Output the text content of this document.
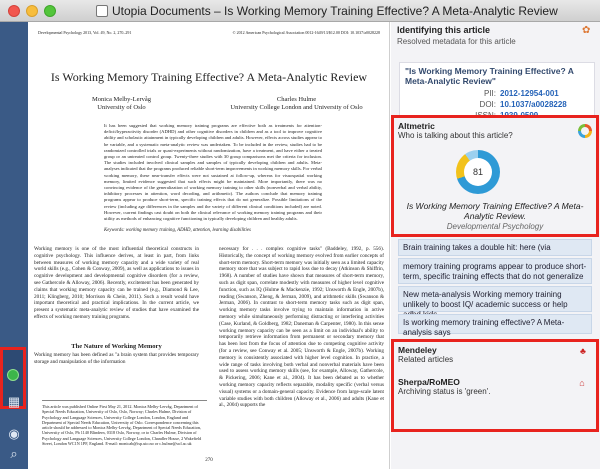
Utopia Documents – Is Working Memory Training Effective? A Meta-Analytic Review
▦
◉
⌕
Developmental Psychology 2013, Vol. 49, No. 2, 270–291	© 2012 American Psychological Association 0012-1649/13/$12.00 DOI: 10.1037/a0028228
Is Working Memory Training Effective? A Meta-Analytic Review
Monica Melby-Lervåg
University of Oslo
Charles Hulme
University College London and University of Oslo
It has been suggested that working memory training programs are effective both as treatments for attention-deficit/hyperactivity disorder (ADHD) and other cognitive disorders in children and as a tool to improve cognitive ability and scholastic attainment in typically developing children and adults. However, effects across studies appear to be variable, and a systematic meta-analytic review was undertaken. To be included in the review, studies had to be randomized controlled trials or quasi-experiments without randomization, have a treatment, and have either a treated group or an untreated control group. Twenty-three studies with 30 group comparisons met the criteria for inclusion. The studies included involved clinical samples and samples of typically developing children and adults. Meta-analyses indicated that the programs produced reliable short-term improvements in working memory skills. For verbal working memory, these near-transfer effects were not sustained at follow-up, whereas for visuospatial working memory, limited evidence suggested that such effects might be maintained. More importantly, there was no convincing evidence of the generalization of working memory training to other skills (nonverbal and verbal ability, inhibitory processes in attention, word decoding, and arithmetic). The authors conclude that memory training programs appear to produce short-term, specific training effects that do not generalize. Possible limitations of the review (including age differences in the samples and the variety of different clinical conditions included) are noted. However, current findings cast doubt on both the clinical relevance of working memory training programs and their utility as methods of enhancing cognitive functioning in typically developing children and healthy adults.
Keywords: working memory training, ADHD, attention, learning disabilities
Working memory is one of the most influential theoretical constructs in cognitive psychology. This influence derives, at least in part, from links between measures of working memory capacity and a wide variety of real world skills (e.g., Cohen & Conway, 2009), as well as applications to issues in cognitive development and developmental cognitive disorders (for a review, see Gathercole & Alloway, 2006). Recently, excitement has been generated by claims that working memory capacity can be trained (e.g., Diamond & Lee, 2011; Klingberg, 2010; Morrison & Chein, 2011). Such a result would have important theoretical and practical implications. In the current article, we present a systematic meta-analytic review of studies that have examined the effects of working memory training programs.
The Nature of Working Memory
Working memory has been defined as "a brain system that provides temporary storage and manipulation of the information
necessary for . . . complex cognitive tasks" (Baddeley, 1992, p. 556). Historically, the concept of working memory evolved from earlier concepts of short-term memory. Short-term memory was initially seen as a limited capacity memory store that was subject to rapid loss due to decay (Atkinson & Shiffrin, 1968). A number of studies have shown that measures of short-term memory, such as digit span, correlate modestly with measures of higher level cognitive function, such as IQ (Hulme & Mackenzie, 1992; Unsworth & Engle, 2007b), reading (Swanson, Zheng, & Jerman, 2009), and arithmetic skills (Swanson & Jerman, 2006). In contrast to short-term memory tasks such as digit span, working memory tasks involve trying to maintain information in active memory while simultaneously performing distracting or interfering activities (Case, Kurland, & Goldberg, 1982; Daneman & Carpenter, 1980). In this sense working memory capacity can be seen as a limit on an individual's ability to temporarily retrieve information from permanent or secondary memory that has been lost from the focus of attention due to competing cognitive activity (for a review, see Conway et al. 2005; Unsworth & Engle, 2007b). Working memory is consistently associated with higher level cognition. In practice, a wide range of tasks involving both verbal and nonverbal materials have been used to assess working memory skills (see, for example, Alloway, Gathercole, & Pickering, 2006; Kane et al., 2004). It has been debated as to whether working memory capacity reflects separable, modality specific (verbal versus visual) systems or a domain-general capacity. Evidence from large-scale latent variable studies with both children (Alloway et al., 2006) and adults (Kane et al., 2004) supports the
This article was published Online First May 21, 2012. Monica Melby-Lervåg, Department of Special Needs Education, University of Oslo, Oslo, Norway; Charles Hulme, Division of Psychology and Language Sciences, University College London, London, England and Department of Special Needs Education, University of Oslo. Correspondence concerning this article should be addressed to Monica Melby-Lervåg, Department of Special Needs Education, University of Oslo, Pb 1140 Blindern, 0318 Oslo, Norway, or to Charles Hulme, Division of Psychology and Language Sciences, University College London, Chandler House, 2 Wakefield Street, London WC1N 1PF, England. E-mail: monicab@isp.uio.no or c.hulme@ucl.ac.uk
270
Identifying this article
Resolved metadata for this article
✿
"Is Working Memory Training Effective? A Meta-Analytic Review"
PII: 2012-12954-001
DOI: 10.1037/a0028228
Altmetric
Who is talking about this article?
81
Is Working Memory Training Effective? A Meta-Analytic Review.
Developmental Psychology
Brain training takes a double hit: here (via
memory training programs appear to produce short-term, specific training effects that do not generalize
New meta-analysis Working memory training unlikely to boost IQ/ academic success or help
Is working memory training effective? A Meta-analysis says
Mendeley
Related articles
♣
Sherpa/RoMEO
Archiving status is 'green'.
⌂
